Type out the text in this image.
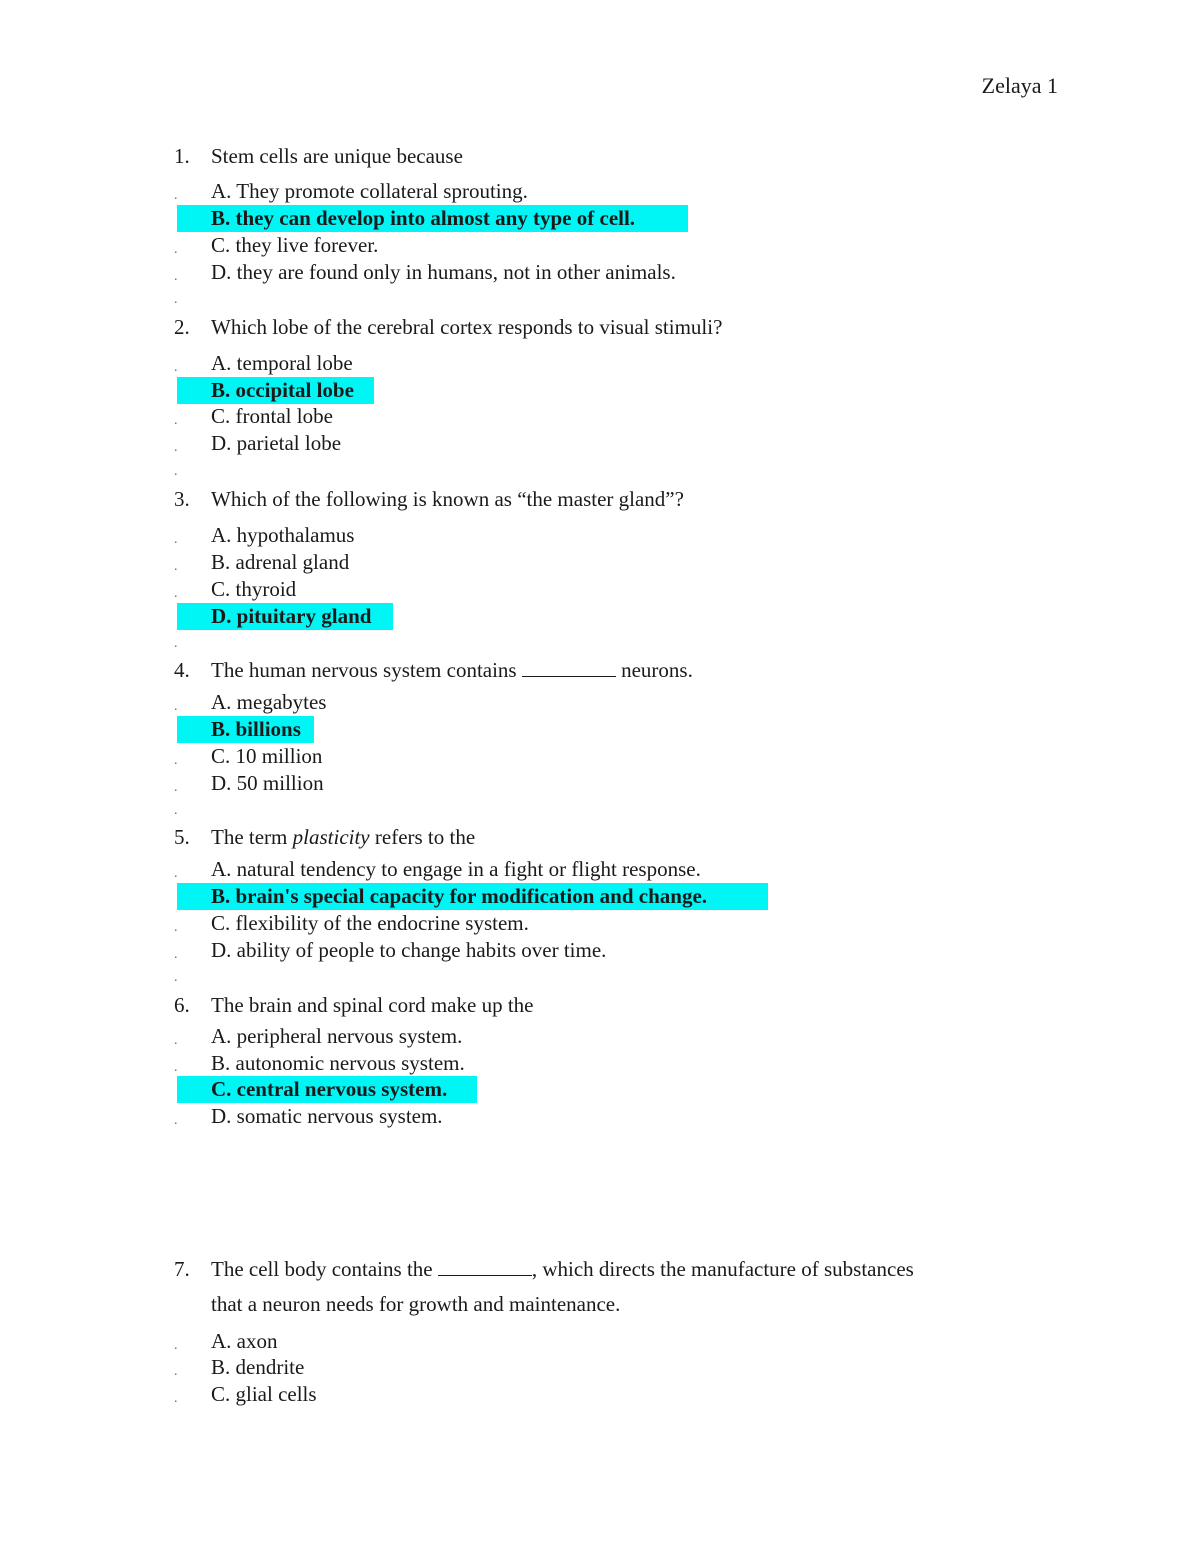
Zelaya 1
1. Stem cells are unique because
. A. They promote collateral sprouting.
B. they can develop into almost any type of cell.
. C. they live forever.
. D. they are found only in humans, not in other animals.
.
2. Which lobe of the cerebral cortex responds to visual stimuli?
. A. temporal lobe
B. occipital lobe
. C. frontal lobe
. D. parietal lobe
.
3. Which of the following is known as “the master gland”?
. A. hypothalamus
. B. adrenal gland
. C. thyroid
D. pituitary gland
.
4. The human nervous system contains	neurons.
. A. megabytes
B. billions
. C. 10 million
. D. 50 million
.
5. The term plasticity refers to the
. A. natural tendency to engage in a fight or flight response.
B. brain's special capacity for modification and change.
. C. flexibility of the endocrine system.
. D. ability of people to change habits over time.
.
6. The brain and spinal cord make up the
. A. peripheral nervous system.
. B. autonomic nervous system.
C. central nervous system.
. D. somatic nervous system.
7. The cell body contains the	, which directs the manufacture of substances
that a neuron needs for growth and maintenance.
. A. axon
. B. dendrite
. C. glial cells
